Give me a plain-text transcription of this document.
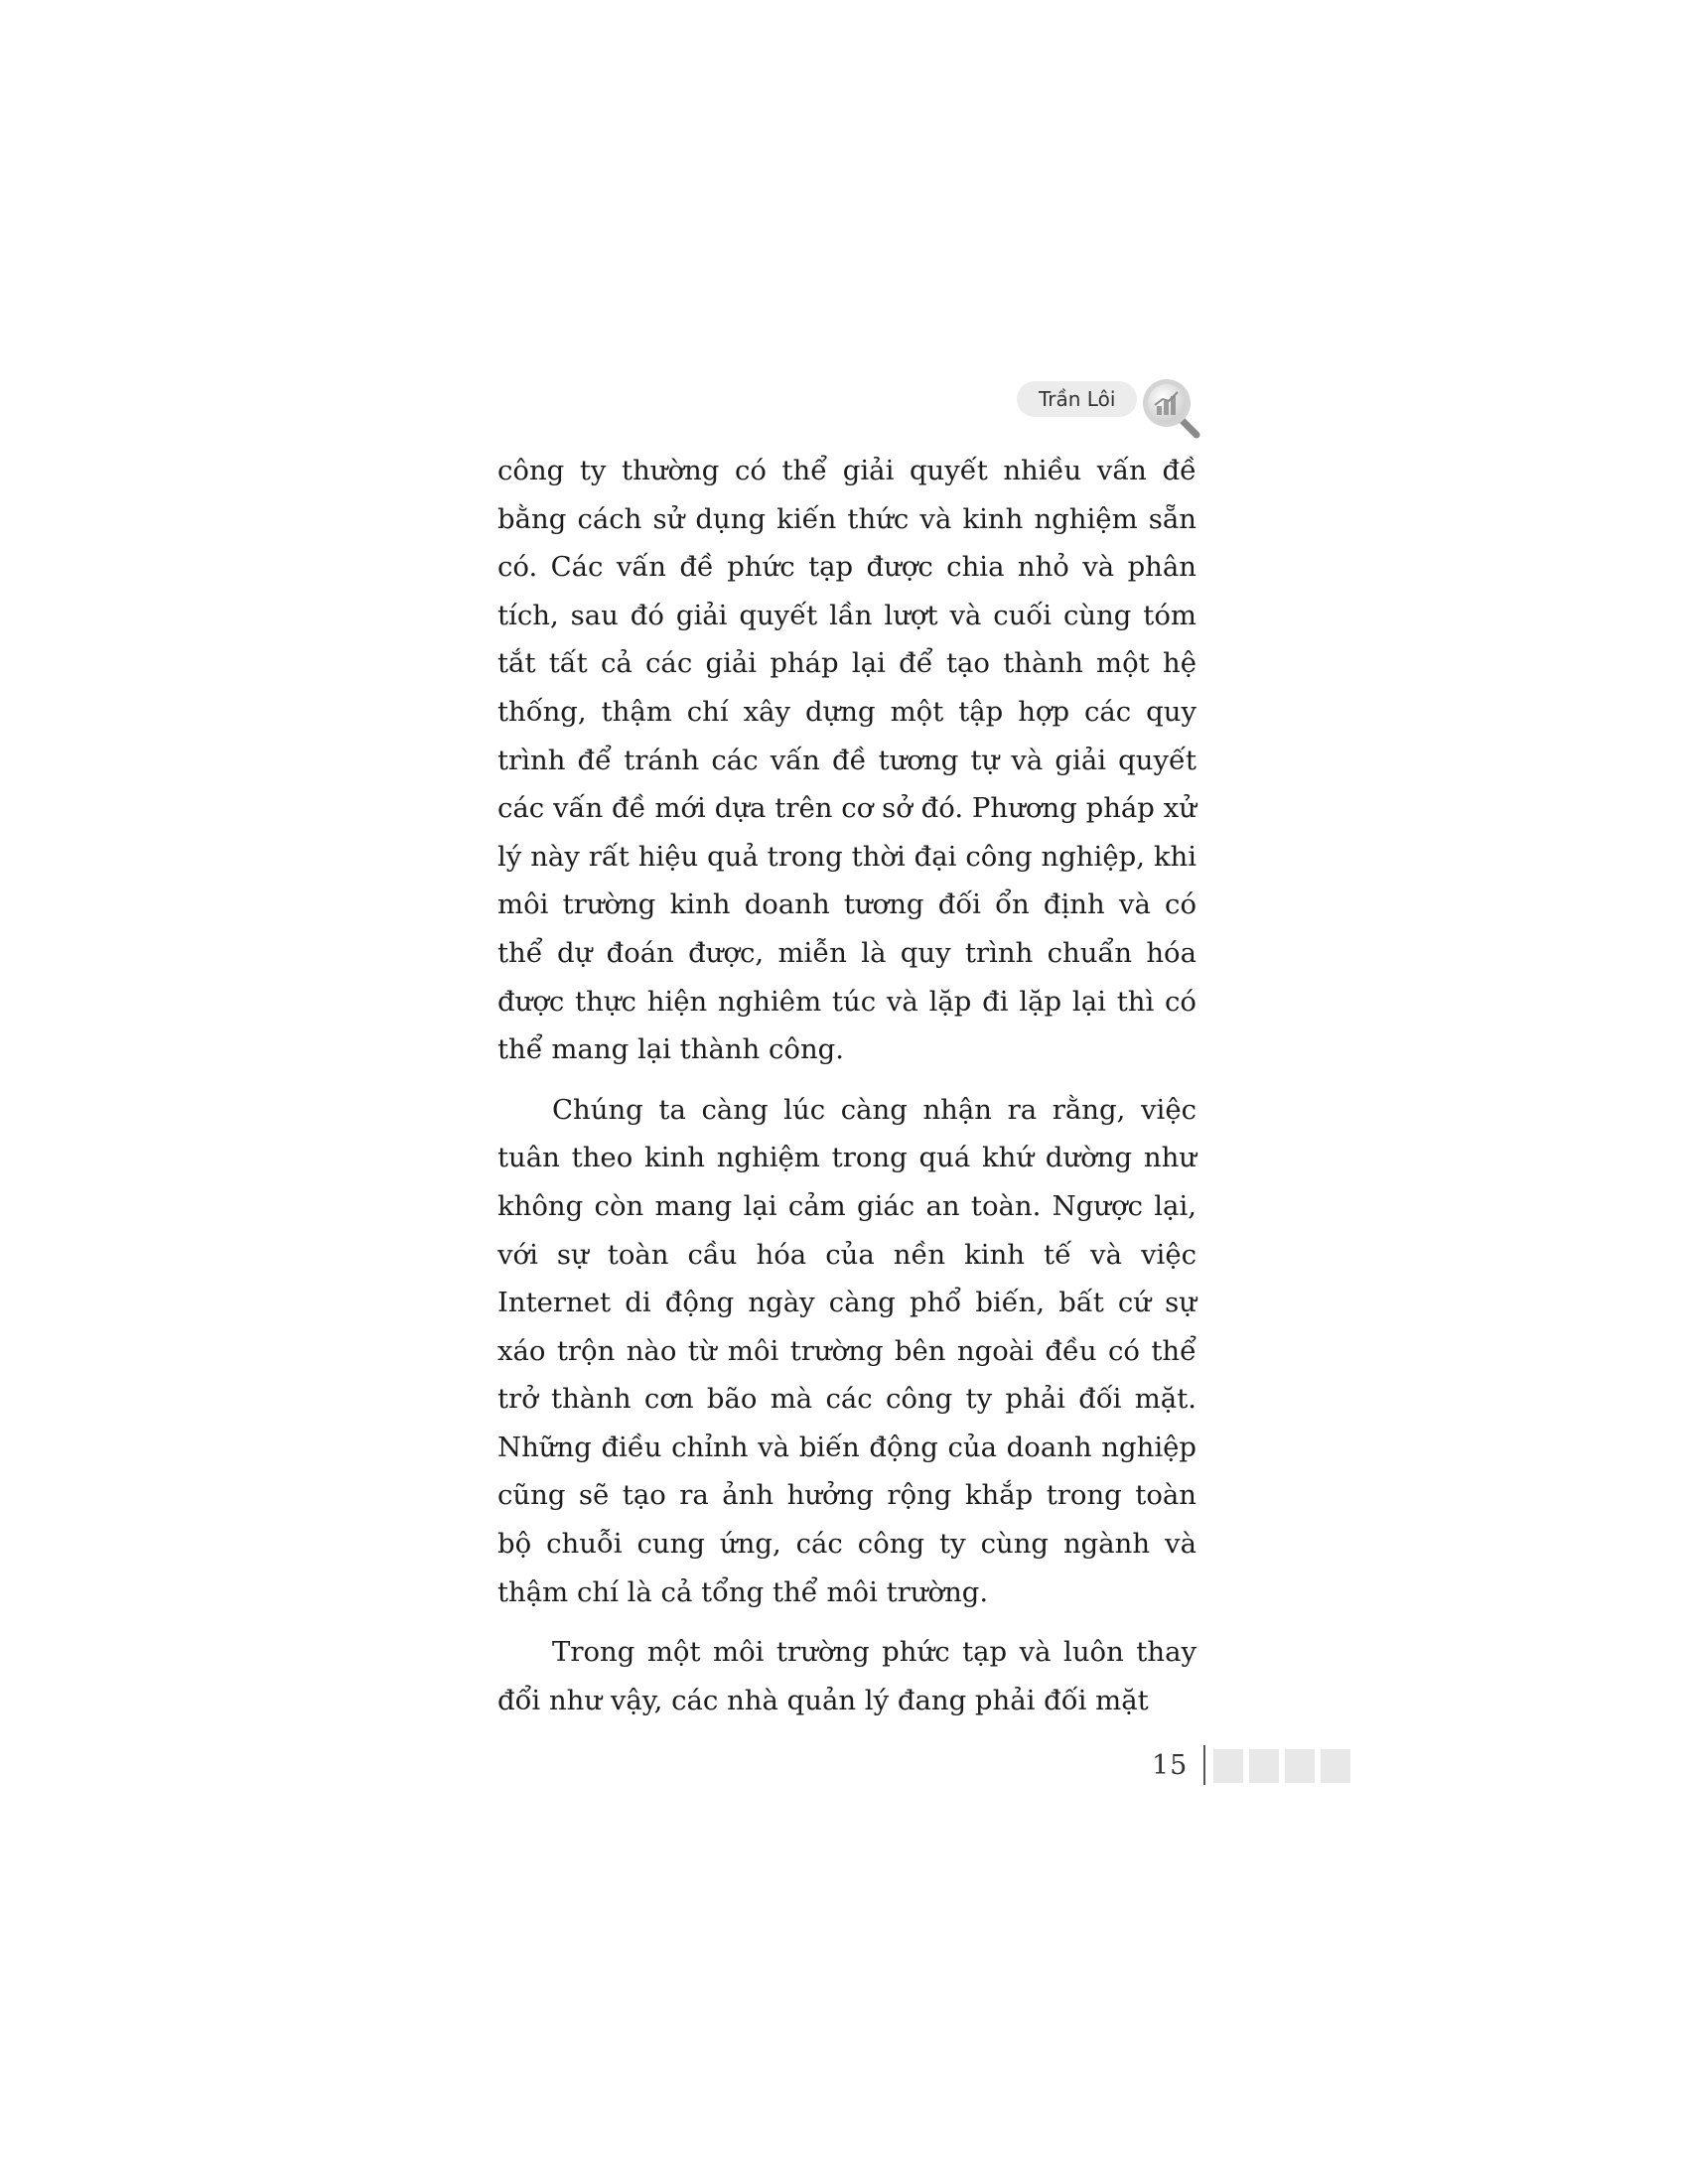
Trần Lôi

công ty thường có thể giải quyết nhiều vấn đề bằng cách sử dụng kiến thức và kinh nghiệm sẵn có. Các vấn đề phức tạp được chia nhỏ và phân tích, sau đó giải quyết lần lượt và cuối cùng tóm tắt tất cả các giải pháp lại để tạo thành một hệ thống, thậm chí xây dựng một tập hợp các quy trình để tránh các vấn đề tương tự và giải quyết các vấn đề mới dựa trên cơ sở đó. Phương pháp xử lý này rất hiệu quả trong thời đại công nghiệp, khi môi trường kinh doanh tương đối ổn định và có thể dự đoán được, miễn là quy trình chuẩn hóa được thực hiện nghiêm túc và lặp đi lặp lại thì có thể mang lại thành công.

Chúng ta càng lúc càng nhận ra rằng, việc tuân theo kinh nghiệm trong quá khứ dường như không còn mang lại cảm giác an toàn. Ngược lại, với sự toàn cầu hóa của nền kinh tế và việc Internet di động ngày càng phổ biến, bất cứ sự xáo trộn nào từ môi trường bên ngoài đều có thể trở thành cơn bão mà các công ty phải đối mặt. Những điều chỉnh và biến động của doanh nghiệp cũng sẽ tạo ra ảnh hưởng rộng khắp trong toàn bộ chuỗi cung ứng, các công ty cùng ngành và thậm chí là cả tổng thể môi trường.

Trong một môi trường phức tạp và luôn thay đổi như vậy, các nhà quản lý đang phải đối mặt

15
